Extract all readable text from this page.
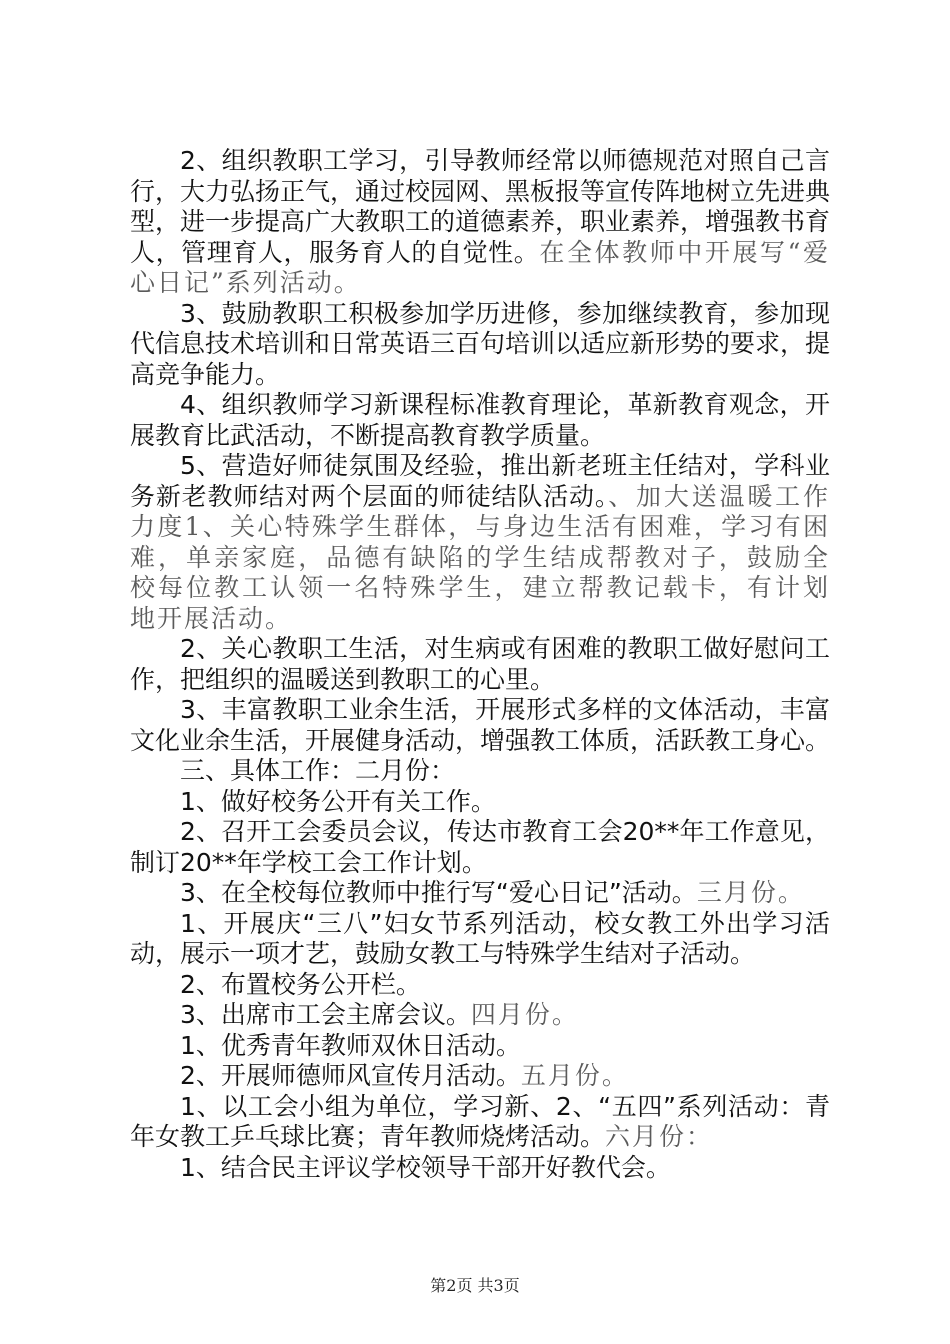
2、组织教职工学习，引导教师经常以师德规范对照自己言行，大力弘扬正气，通过校园网、黑板报等宣传阵地树立先进典型，进一步提高广大教职工的道德素养，职业素养，增强教书育人，管理育人，服务育人的自觉性。在全体教师中开展写“爱心日记”系列活动。

3、鼓励教职工积极参加学历进修，参加继续教育，参加现代信息技术培训和日常英语三百句培训以适应新形势的要求，提高竞争能力。

4、组织教师学习新课程标准教育理论，革新教育观念，开展教育比武活动，不断提高教育教学质量。

5、营造好师徒氛围及经验，推出新老班主任结对，学科业务新老教师结对两个层面的师徒结队活动。、加大送温暖工作力度1、关心特殊学生群体，与身边生活有困难，学习有困难，单亲家庭，品德有缺陷的学生结成帮教对子，鼓励全校每位教工认领一名特殊学生，建立帮教记载卡，有计划地开展活动。

2、关心教职工生活，对生病或有困难的教职工做好慰问工作，把组织的温暖送到教职工的心里。

3、丰富教职工业余生活，开展形式多样的文体活动，丰富文化业余生活，开展健身活动，增强教工体质，活跃教工身心。

三、具体工作：二月份：

1、做好校务公开有关工作。

2、召开工会委员会议，传达市教育工会20**年工作意见，制订20**年学校工会工作计划。

3、在全校每位教师中推行写“爱心日记”活动。三月份。

1、开展庆“三八”妇女节系列活动，校女教工外出学习活动，展示一项才艺，鼓励女教工与特殊学生结对子活动。

2、布置校务公开栏。

3、出席市工会主席会议。四月份。

1、优秀青年教师双休日活动。

2、开展师德师风宣传月活动。五月份。

1、以工会小组为单位，学习新、2、“五四”系列活动：青年女教工乒乓球比赛；青年教师烧烤活动。六月份：

1、结合民主评议学校领导干部开好教代会。

第2页 共3页
